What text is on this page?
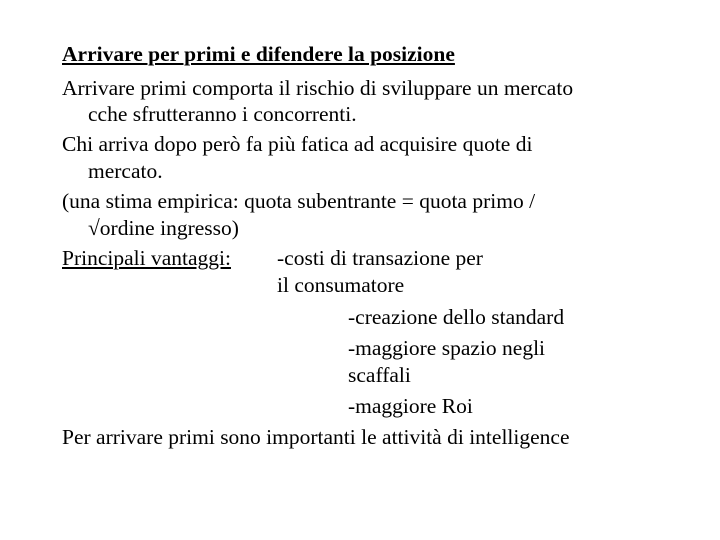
Arrivare per primi e difendere la posizione
Arrivare primi comporta il rischio di sviluppare un mercato
cche sfrutteranno i concorrenti.
Chi arriva dopo però fa più fatica ad acquisire quote di
mercato.
(una stima empirica: quota subentrante = quota primo /
√ordine ingresso)
Principali vantaggi: -costi di transazione per
il consumatore
-creazione dello standard
-maggiore spazio negli
scaffali
-maggiore Roi
Per arrivare primi sono importanti le attività di intelligence
